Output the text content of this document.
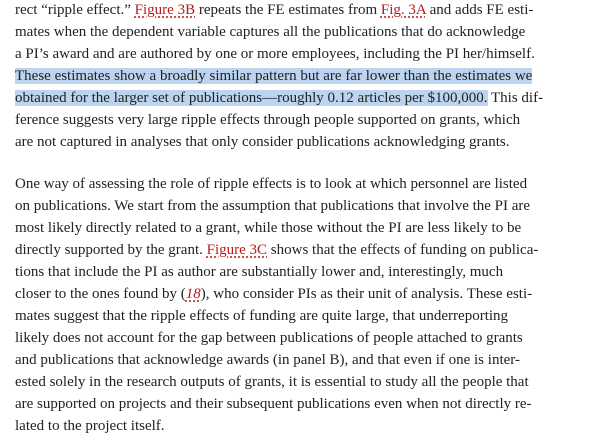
rect “ripple effect.” Figure 3B repeats the FE estimates from Fig. 3A and adds FE esti-
mates when the dependent variable captures all the publications that do acknowledge
a PI’s award and are authored by one or more employees, including the PI her/himself.
These estimates show a broadly similar pattern but are far lower than the estimates we
obtained for the larger set of publications—roughly 0.12 articles per $100,000. This dif-
ference suggests very large ripple effects through people supported on grants, which
are not captured in analyses that only consider publications acknowledging grants.
One way of assessing the role of ripple effects is to look at which personnel are listed
on publications. We start from the assumption that publications that involve the PI are
most likely directly related to a grant, while those without the PI are less likely to be
directly supported by the grant. Figure 3C shows that the effects of funding on publica-
tions that include the PI as author are substantially lower and, interestingly, much
closer to the ones found by (18), who consider PIs as their unit of analysis. These esti-
mates suggest that the ripple effects of funding are quite large, that underreporting
likely does not account for the gap between publications of people attached to grants
and publications that acknowledge awards (in panel B), and that even if one is inter-
ested solely in the research outputs of grants, it is essential to study all the people that
are supported on projects and their subsequent publications even when not directly re-
lated to the project itself.
